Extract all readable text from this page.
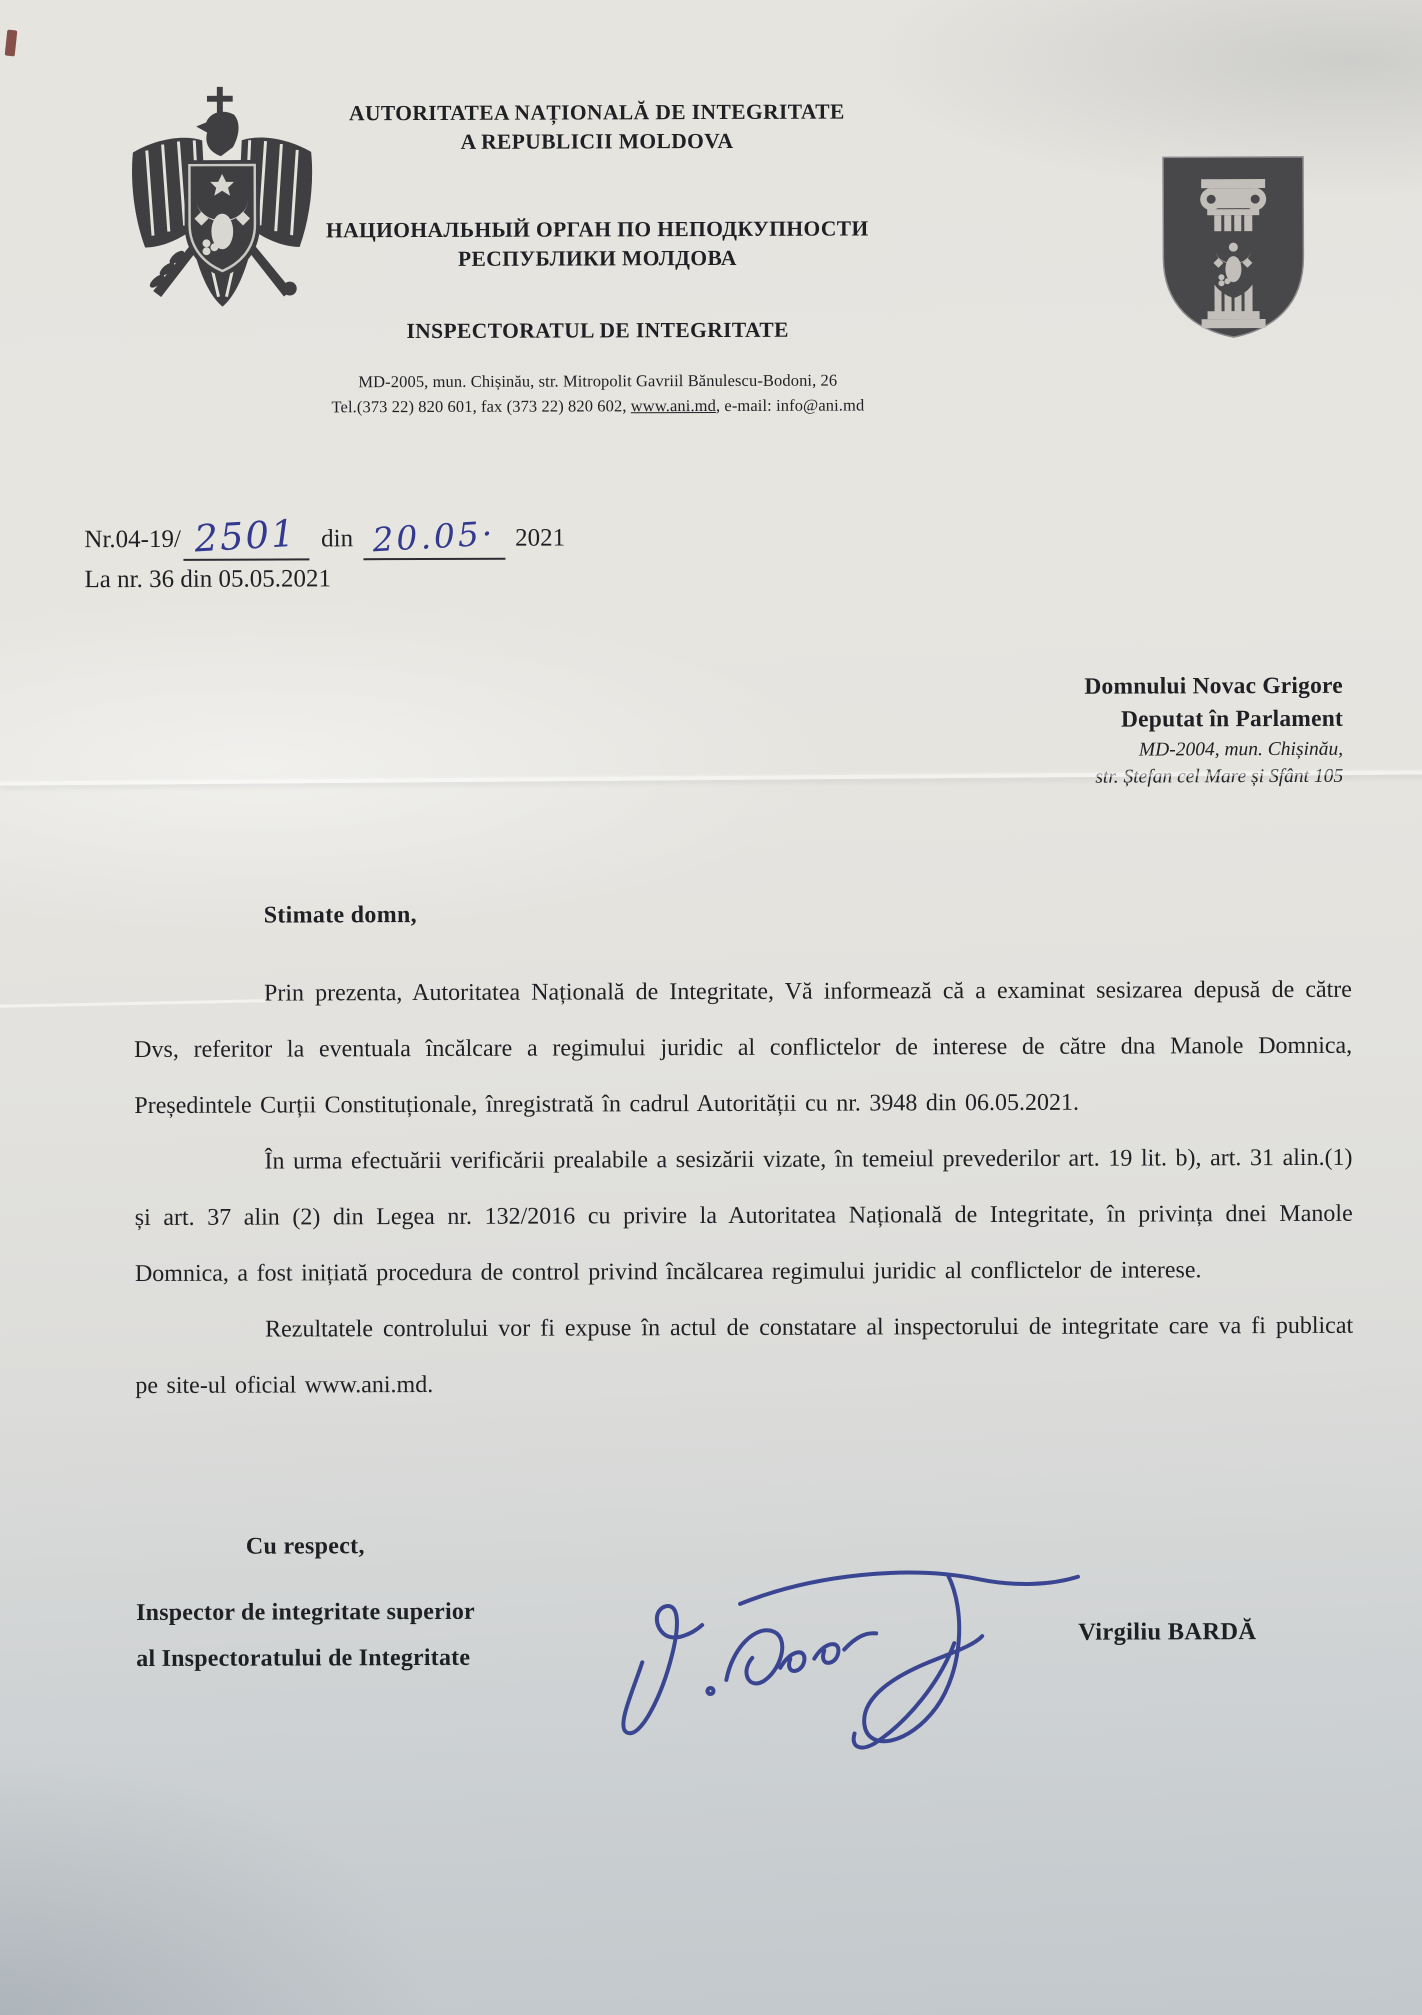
AUTORITATEA NAȚIONALĂ DE INTEGRITATE
A REPUBLICII MOLDOVA
НАЦИОНАЛЬНЫЙ ОРГАН ПО НЕПОДКУПНОСТИ
РЕСПУБЛИКИ МОЛДОВА
INSPECTORATUL DE INTEGRITATE
MD-2005, mun. Chișinău, str. Mitropolit Gavriil Bănulescu-Bodoni, 26
Tel.(373 22) 820 601, fax (373 22) 820 602, www.ani.md, e-mail: info@ani.md
Nr.04-19/ 2501 din 20.05· 2021
La nr. 36 din 05.05.2021
Domnului Novac Grigore
Deputat în Parlament
MD-2004, mun. Chișinău,
str. Ștefan cel Mare și Sfânt 105
Stimate domn,

Prin prezenta, Autoritatea Națională de Integritate, Vă informează că a examinat sesizarea depusă de către Dvs, referitor la eventuala încălcare a regimului juridic al conflictelor de interese de către dna Manole Domnica, Președintele Curții Constituționale, înregistrată în cadrul Autorității cu nr. 3948 din 06.05.2021.

În urma efectuării verificării prealabile a sesizării vizate, în temeiul prevederilor art. 19 lit. b), art. 31 alin.(1) și art. 37 alin (2) din Legea nr. 132/2016 cu privire la Autoritatea Națională de Integritate, în privința dnei Manole Domnica, a fost inițiată procedura de control privind încălcarea regimului juridic al conflictelor de interese.

Rezultatele controlului vor fi expuse în actul de constatare al inspectorului de integritate care va fi publicat pe site-ul oficial www.ani.md.

Cu respect,
Inspector de integritate superior
al Inspectoratului de Integritate
Virgiliu BARDĂ
